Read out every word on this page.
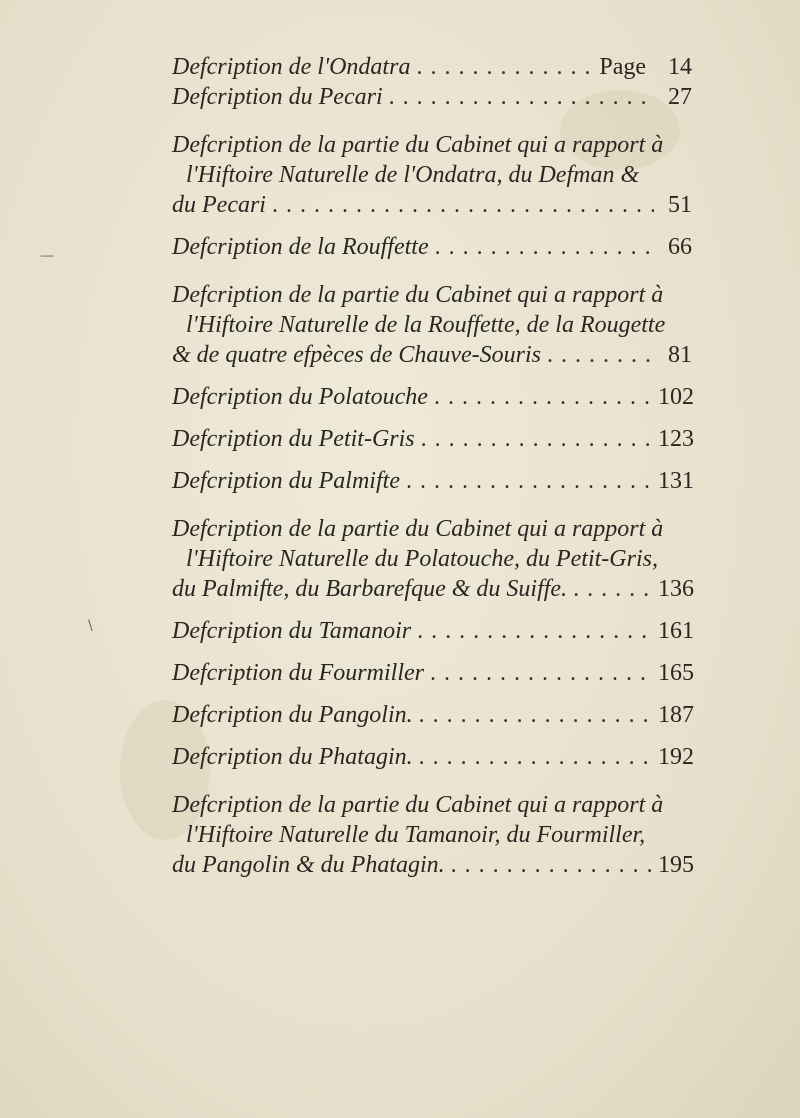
—
\
Defcription de l'Ondatra . . .	Page 14
Defcription du Pecari . . .	27
Defcription de la partie du Cabinet qui a rapport à
l'Hiftoire Naturelle de l'Ondatra, du Defman &
du Pecari . . .	51
Defcription de la Rouffette . . .	66
Defcription de la partie du Cabinet qui a rapport à
l'Hiftoire Naturelle de la Rouffette, de la Rougette
& de quatre efpèces de Chauve-Souris . . .	81
Defcription du Polatouche . . .	102
Defcription du Petit-Gris . . .	123
Defcription du Palmifte . . .	131
Defcription de la partie du Cabinet qui a rapport à
l'Hiftoire Naturelle du Polatouche, du Petit-Gris,
du Palmifte, du Barbarefque & du Suiffe. . . .	136
Defcription du Tamanoir . . .	161
Defcription du Fourmiller . . .	165
Defcription du Pangolin. . . .	187
Defcription du Phatagin. . . .	192
Defcription de la partie du Cabinet qui a rapport à
l'Hiftoire Naturelle du Tamanoir, du Fourmiller,
du Pangolin & du Phatagin. . . .	195
